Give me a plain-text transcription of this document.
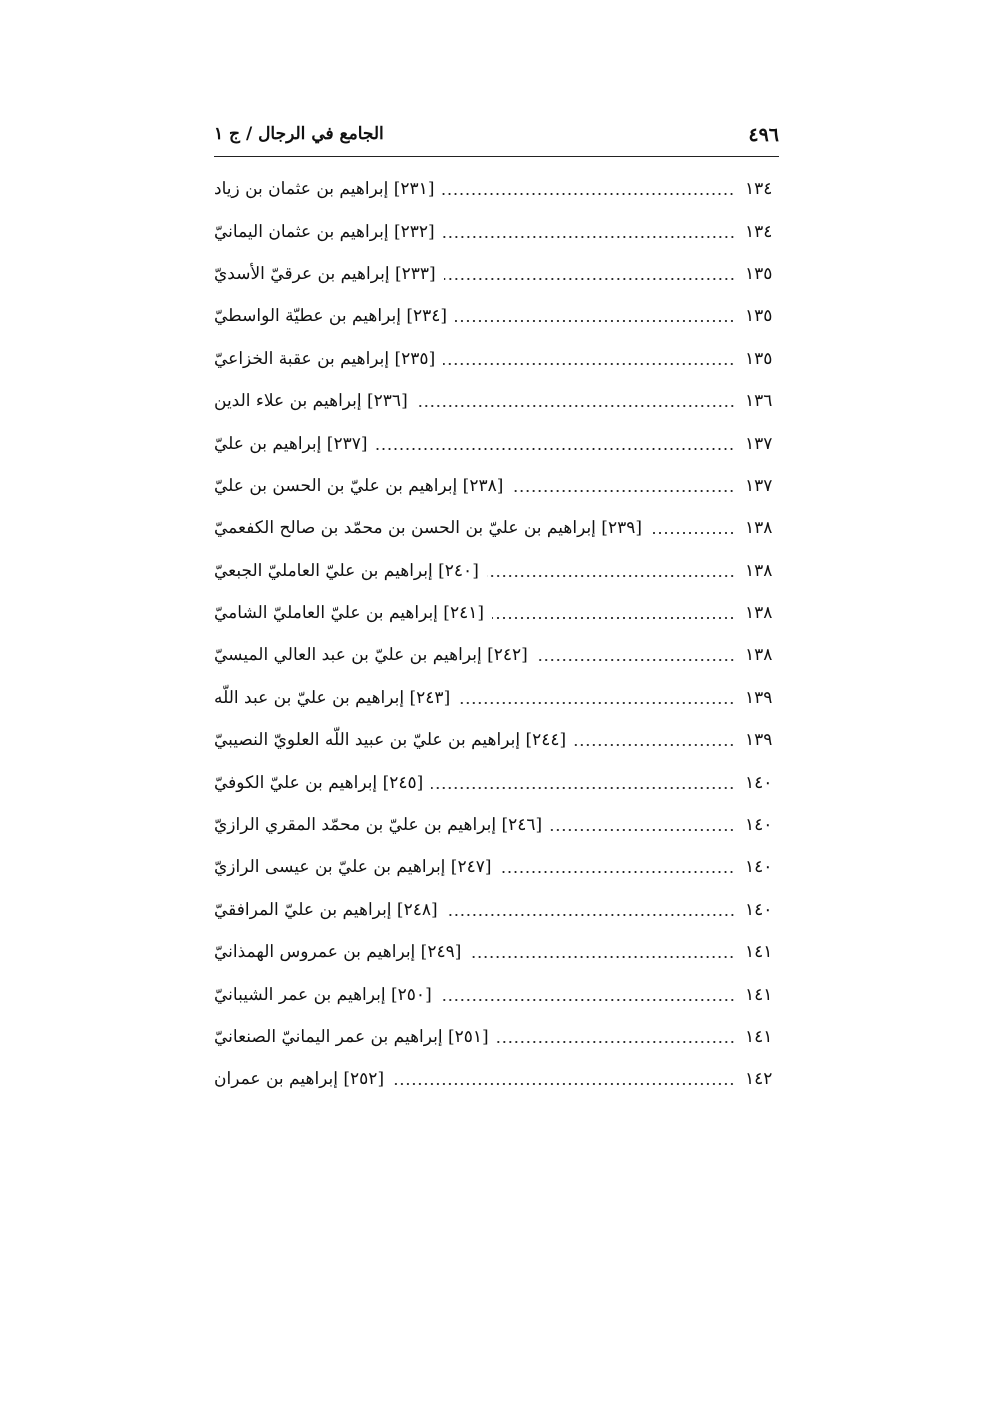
٤٩٦
الجامع في الرجال / ج ١
[٢٣١] إبراهيم بن عثمان بن زياد	١٣٤
[٢٣٢] إبراهيم بن عثمان اليمانيّ	١٣٤
[٢٣٣] إبراهيم بن عرقيّ الأسديّ	١٣٥
[٢٣٤] إبراهيم بن عطيّة الواسطيّ	١٣٥
[٢٣٥] إبراهيم بن عقبة الخزاعيّ	١٣٥
[٢٣٦] إبراهيم بن علاء الدين	١٣٦
[٢٣٧] إبراهيم بن عليّ	١٣٧
[٢٣٨] إبراهيم بن عليّ بن الحسن بن عليّ	١٣٧
[٢٣٩] إبراهيم بن عليّ بن الحسن بن محمّد بن صالح الكفعميّ	١٣٨
[٢٤٠] إبراهيم بن عليّ العامليّ الجبعيّ	١٣٨
[٢٤١] إبراهيم بن عليّ العامليّ الشاميّ	١٣٨
[٢٤٢] إبراهيم بن عليّ بن عبد العالي الميسيّ	١٣٨
[٢٤٣] إبراهيم بن عليّ بن عبد اللّه	١٣٩
[٢٤٤] إبراهيم بن عليّ بن عبيد اللّه العلويّ النصيبيّ	١٣٩
[٢٤٥] إبراهيم بن عليّ الكوفيّ	١٤٠
[٢٤٦] إبراهيم بن عليّ بن محمّد المقري الرازيّ	١٤٠
[٢٤٧] إبراهيم بن عليّ بن عيسى الرازيّ	١٤٠
[٢٤٨] إبراهيم بن عليّ المرافقيّ	١٤٠
[٢٤٩] إبراهيم بن عمروس الهمذانيّ	١٤١
[٢٥٠] إبراهيم بن عمر الشيبانيّ	١٤١
[٢٥١] إبراهيم بن عمر اليمانيّ الصنعانيّ	١٤١
[٢٥٢] إبراهيم بن عمران	١٤٢
